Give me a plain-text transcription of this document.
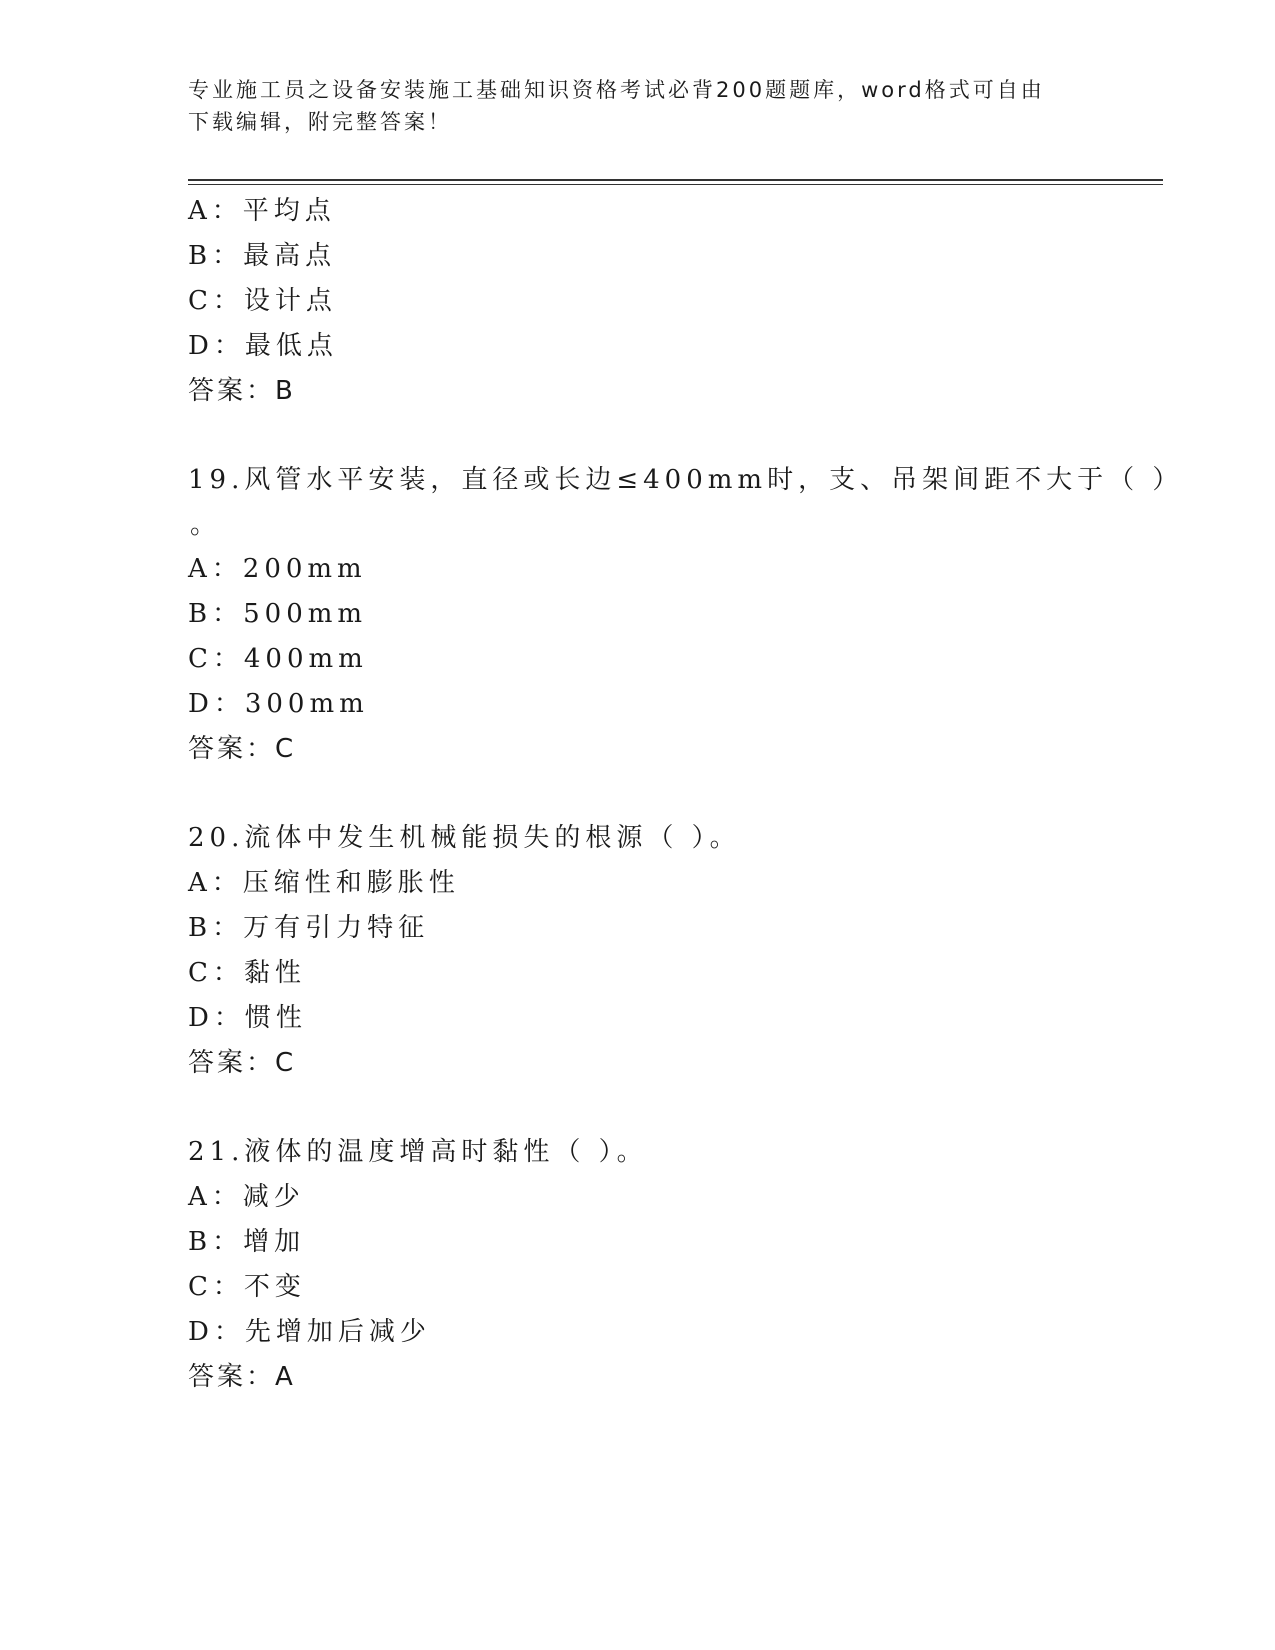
专业施工员之设备安装施工基础知识资格考试必背200题题库，word格式可自由
下载编辑，附完整答案！
A：平均点
B：最高点
C：设计点
D：最低点
答案：B
19.风管水平安装，直径或长边≤400mm时，支、吊架间距不大于（ ）
。
A：200mm
B：500mm
C：400mm
D：300mm
答案：C
20.流体中发生机械能损失的根源（ ）。
A：压缩性和膨胀性
B：万有引力特征
C：黏性
D：惯性
答案：C
21.液体的温度增高时黏性（ ）。
A：减少
B：增加
C：不变
D：先增加后减少
答案：A
